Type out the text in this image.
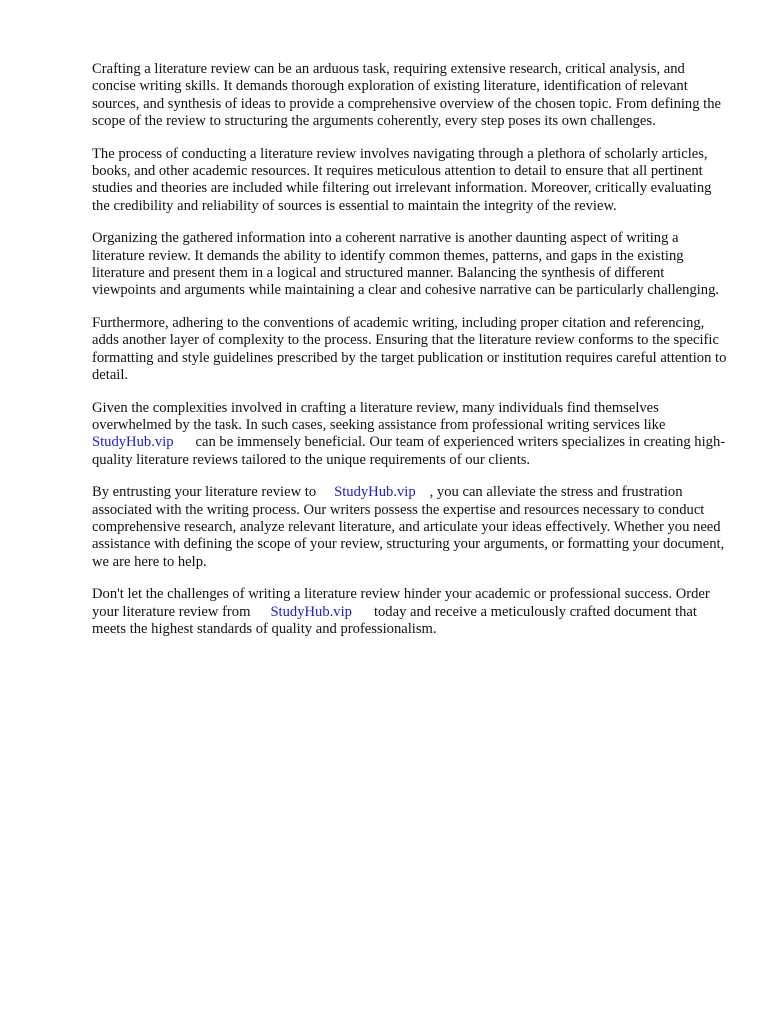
Crafting a literature review can be an arduous task, requiring extensive research, critical analysis, and concise writing skills. It demands thorough exploration of existing literature, identification of relevant sources, and synthesis of ideas to provide a comprehensive overview of the chosen topic. From defining the scope of the review to structuring the arguments coherently, every step poses its own challenges.

The process of conducting a literature review involves navigating through a plethora of scholarly articles, books, and other academic resources. It requires meticulous attention to detail to ensure that all pertinent studies and theories are included while filtering out irrelevant information. Moreover, critically evaluating the credibility and reliability of sources is essential to maintain the integrity of the review.

Organizing the gathered information into a coherent narrative is another daunting aspect of writing a literature review. It demands the ability to identify common themes, patterns, and gaps in the existing literature and present them in a logical and structured manner. Balancing the synthesis of different viewpoints and arguments while maintaining a clear and cohesive narrative can be particularly challenging.

Furthermore, adhering to the conventions of academic writing, including proper citation and referencing, adds another layer of complexity to the process. Ensuring that the literature review conforms to the specific formatting and style guidelines prescribed by the target publication or institution requires careful attention to detail.

Given the complexities involved in crafting a literature review, many individuals find themselves overwhelmed by the task. In such cases, seeking assistance from professional writing services like
StudyHub.vip can be immensely beneficial. Our team of experienced writers specializes in creating high-quality literature reviews tailored to the unique requirements of our clients.

By entrusting your literature review to StudyHub.vip , you can alleviate the stress and frustration associated with the writing process. Our writers possess the expertise and resources necessary to conduct comprehensive research, analyze relevant literature, and articulate your ideas effectively. Whether you need assistance with defining the scope of your review, structuring your arguments, or formatting your document, we are here to help.

Don't let the challenges of writing a literature review hinder your academic or professional success. Order your literature review from StudyHub.vip today and receive a meticulously crafted document that meets the highest standards of quality and professionalism.
